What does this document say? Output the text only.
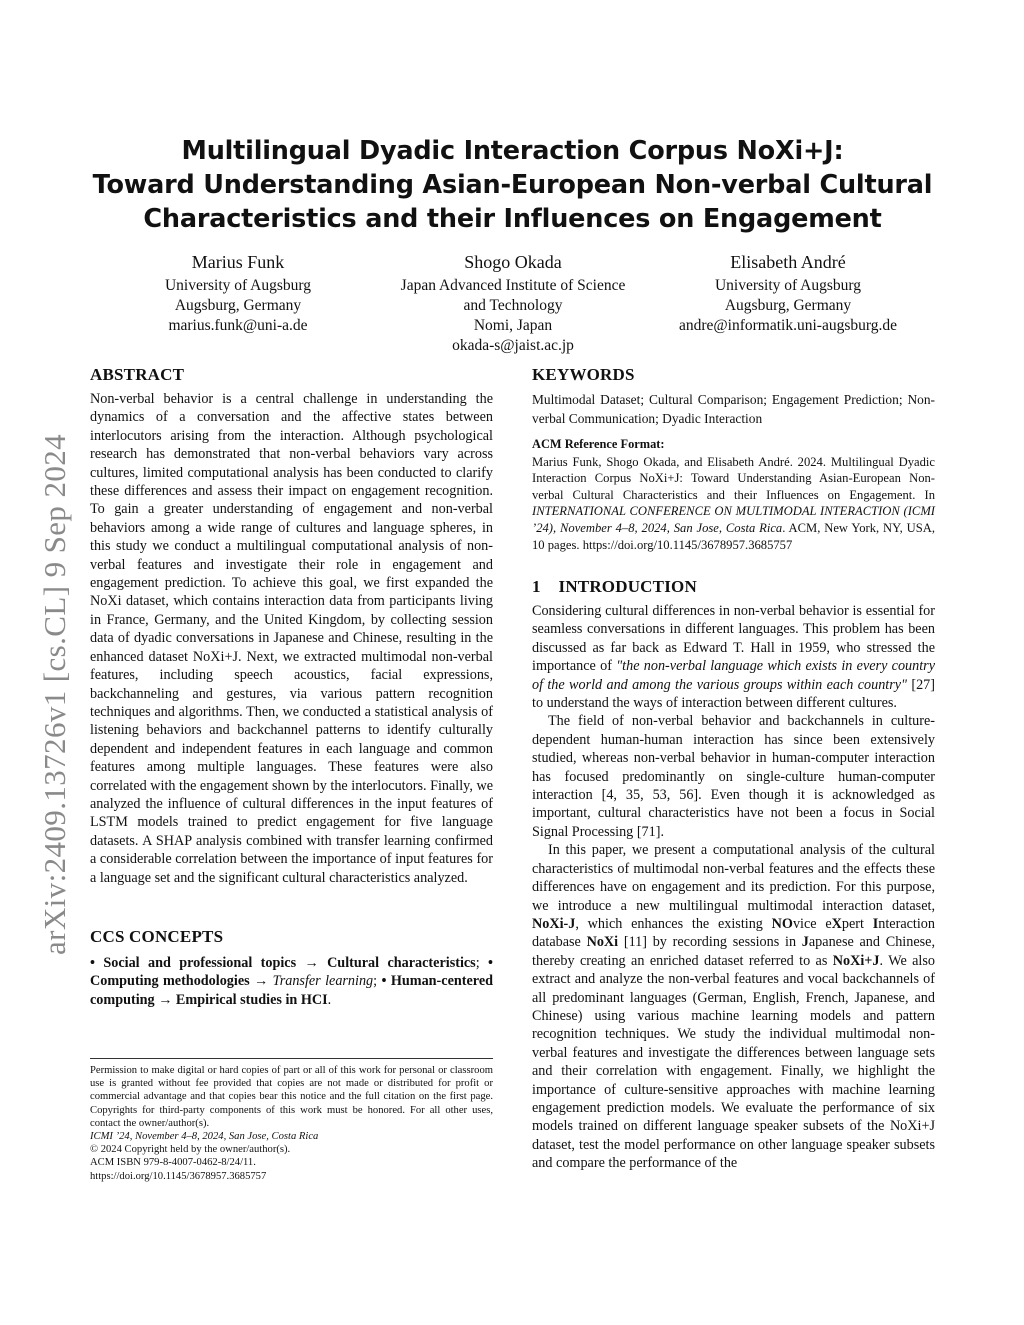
Multilingual Dyadic Interaction Corpus NoXi+J:
Toward Understanding Asian-European Non-verbal Cultural
Characteristics and their Influences on Engagement
Marius Funk
University of Augsburg
Augsburg, Germany
marius.funk@uni-a.de
Shogo Okada
Japan Advanced Institute of Science
and Technology
Nomi, Japan
okada-s@jaist.ac.jp
Elisabeth André
University of Augsburg
Augsburg, Germany
andre@informatik.uni-augsburg.de
arXiv:2409.13726v1 [cs.CL] 9 Sep 2024
ABSTRACT

Non-verbal behavior is a central challenge in understanding the dynamics of a conversation and the affective states between interlocutors arising from the interaction. Although psychological research has demonstrated that non-verbal behaviors vary across cultures, limited computational analysis has been conducted to clarify these differences and assess their impact on engagement recognition. To gain a greater understanding of engagement and non-verbal behaviors among a wide range of cultures and language spheres, in this study we conduct a multilingual computational analysis of non-verbal features and investigate their role in engagement and engagement prediction. To achieve this goal, we first expanded the NoXi dataset, which contains interaction data from participants living in France, Germany, and the United Kingdom, by collecting session data of dyadic conversations in Japanese and Chinese, resulting in the enhanced dataset NoXi+J. Next, we extracted multimodal non-verbal features, including speech acoustics, facial expressions, backchanneling and gestures, via various pattern recognition techniques and algorithms. Then, we conducted a statistical analysis of listening behaviors and backchannel patterns to identify culturally dependent and independent features in each language and common features among multiple languages. These features were also correlated with the engagement shown by the interlocutors. Finally, we analyzed the influence of cultural differences in the input features of LSTM models trained to predict engagement for five language datasets. A SHAP analysis combined with transfer learning confirmed a considerable correlation between the importance of input features for a language set and the significant cultural characteristics analyzed.

CCS CONCEPTS

• Social and professional topics → Cultural characteristics; • Computing methodologies → Transfer learning; • Human-centered computing → Empirical studies in HCI.

Permission to make digital or hard copies of part or all of this work for personal or classroom use is granted without fee provided that copies are not made or distributed for profit or commercial advantage and that copies bear this notice and the full citation on the first page. Copyrights for third-party components of this work must be honored. For all other uses, contact the owner/author(s).

ICMI ’24, November 4–8, 2024, San Jose, Costa Rica

© 2024 Copyright held by the owner/author(s).

ACM ISBN 979-8-4007-0462-8/24/11.

https://doi.org/10.1145/3678957.3685757

KEYWORDS

Multimodal Dataset; Cultural Comparison; Engagement Prediction; Non-verbal Communication; Dyadic Interaction

ACM Reference Format:

Marius Funk, Shogo Okada, and Elisabeth André. 2024. Multilingual Dyadic Interaction Corpus NoXi+J: Toward Understanding Asian-European Non-verbal Cultural Characteristics and their Influences on Engagement. In INTERNATIONAL CONFERENCE ON MULTIMODAL INTERACTION (ICMI ’24), November 4–8, 2024, San Jose, Costa Rica. ACM, New York, NY, USA, 10 pages. https://doi.org/10.1145/3678957.3685757

1    INTRODUCTION

Considering cultural differences in non-verbal behavior is essential for seamless conversations in different languages. This problem has been discussed as far back as Edward T. Hall in 1959, who stressed the importance of "the non-verbal language which exists in every country of the world and among the various groups within each country" [27] to understand the ways of interaction between different cultures.

The field of non-verbal behavior and backchannels in culture-dependent human-human interaction has since been extensively studied, whereas non-verbal behavior in human-computer interaction has focused predominantly on single-culture human-computer interaction [4, 35, 53, 56]. Even though it is acknowledged as important, cultural characteristics have not been a focus in Social Signal Processing [71].

In this paper, we present a computational analysis of the cultural characteristics of multimodal non-verbal features and the effects these differences have on engagement and its prediction. For this purpose, we introduce a new multilingual multimodal interaction dataset, NoXi-J, which enhances the existing NOvice eXpert Interaction database NoXi [11] by recording sessions in Japanese and Chinese, thereby creating an enriched dataset referred to as NoXi+J. We also extract and analyze the non-verbal features and vocal backchannels of all predominant languages (German, English, French, Japanese, and Chinese) using various machine learning models and pattern recognition techniques. We study the individual multimodal non-verbal features and investigate the differences between language sets and their correlation with engagement. Finally, we highlight the importance of culture-sensitive approaches with machine learning engagement prediction models. We evaluate the performance of six models trained on different language speaker subsets of the NoXi+J dataset, test the model performance on other language speaker subsets and compare the performance of the
